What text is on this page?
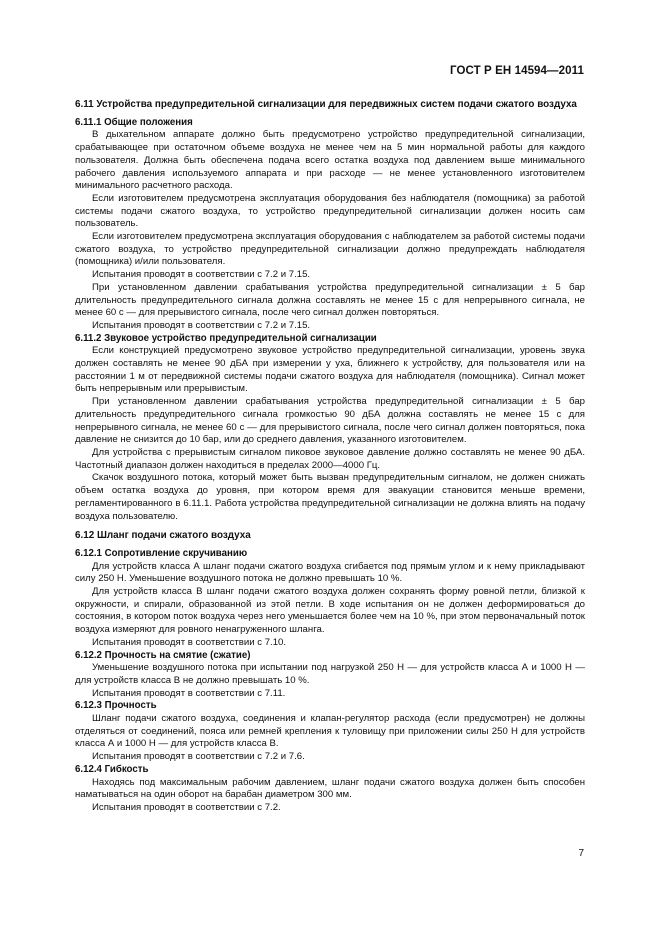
ГОСТ Р ЕН 14594—2011
6.11 Устройства предупредительной сигнализации для передвижных систем подачи сжатого воздуха
6.11.1 Общие положения

В дыхательном аппарате должно быть предусмотрено устройство предупредительной сигнализации, срабатывающее при остаточном объеме воздуха не менее чем на 5 мин нормальной работы для каждого пользователя. Должна быть обеспечена подача всего остатка воздуха под давлением выше минимального рабочего давления используемого аппарата и при расходе — не менее установленного изготовителем минимального расчетного расхода.

Если изготовителем предусмотрена эксплуатация оборудования без наблюдателя (помощника) за работой системы подачи сжатого воздуха, то устройство предупредительной сигнализации должен носить сам пользователь.

Если изготовителем предусмотрена эксплуатация оборудования с наблюдателем за работой системы подачи сжатого воздуха, то устройство предупредительной сигнализации должно предупреждать наблюдателя (помощника) и/или пользователя.

Испытания проводят в соответствии с 7.2 и 7.15.

При установленном давлении срабатывания устройства предупредительной сигнализации ± 5 бар длительность предупредительного сигнала должна составлять не менее 15 с для непрерывного сигнала, не менее 60 с — для прерывистого сигнала, после чего сигнал должен повторяться.

Испытания проводят в соответствии с 7.2 и 7.15.

6.11.2 Звуковое устройство предупредительной сигнализации

Если конструкцией предусмотрено звуковое устройство предупредительной сигнализации, уровень звука должен составлять не менее 90 дБА при измерении у уха, ближнего к устройству, для пользователя или на расстоянии 1 м от передвижной системы подачи сжатого воздуха для наблюдателя (помощника). Сигнал может быть непрерывным или прерывистым.

При установленном давлении срабатывания устройства предупредительной сигнализации ± 5 бар длительность предупредительного сигнала громкостью 90 дБА должна составлять не менее 15 с для непрерывного сигнала, не менее 60 с — для прерывистого сигнала, после чего сигнал должен повторяться, пока давление не снизится до 10 бар, или до среднего давления, указанного изготовителем.

Для устройства с прерывистым сигналом пиковое звуковое давление должно составлять не менее 90 дБА. Частотный диапазон должен находиться в пределах 2000—4000 Гц.

Скачок воздушного потока, который может быть вызван предупредительным сигналом, не должен снижать объем остатка воздуха до уровня, при котором время для эвакуации становится меньше времени, регламентированного в 6.11.1. Работа устройства предупредительной сигнализации не должна влиять на подачу воздуха пользователю.

6.12 Шланг подачи сжатого воздуха
6.12.1 Сопротивление скручиванию

Для устройств класса А шланг подачи сжатого воздуха сгибается под прямым углом и к нему прикладывают силу 250 Н. Уменьшение воздушного потока не должно превышать 10 %.

Для устройств класса В шланг подачи сжатого воздуха должен сохранять форму ровной петли, близкой к окружности, и спирали, образованной из этой петли. В ходе испытания он не должен деформироваться до состояния, в котором поток воздуха через него уменьшается более чем на 10 %, при этом первоначальный поток воздуха измеряют для ровного ненагруженного шланга.

Испытания проводят в соответствии с 7.10.

6.12.2 Прочность на смятие (сжатие)

Уменьшение воздушного потока при испытании под нагрузкой 250 Н — для устройств класса А и 1000 Н — для устройств класса В не должно превышать 10 %.

Испытания проводят в соответствии с 7.11.

6.12.3 Прочность

Шланг подачи сжатого воздуха, соединения и клапан-регулятор расхода (если предусмотрен) не должны отделяться от соединений, пояса или ремней крепления к туловищу при приложении силы 250 Н для устройств класса А и 1000 Н — для устройств класса В.

Испытания проводят в соответствии с 7.2 и 7.6.

6.12.4 Гибкость

Находясь под максимальным рабочим давлением, шланг подачи сжатого воздуха должен быть способен наматываться на один оборот на барабан диаметром 300 мм.

Испытания проводят в соответствии с 7.2.

7
